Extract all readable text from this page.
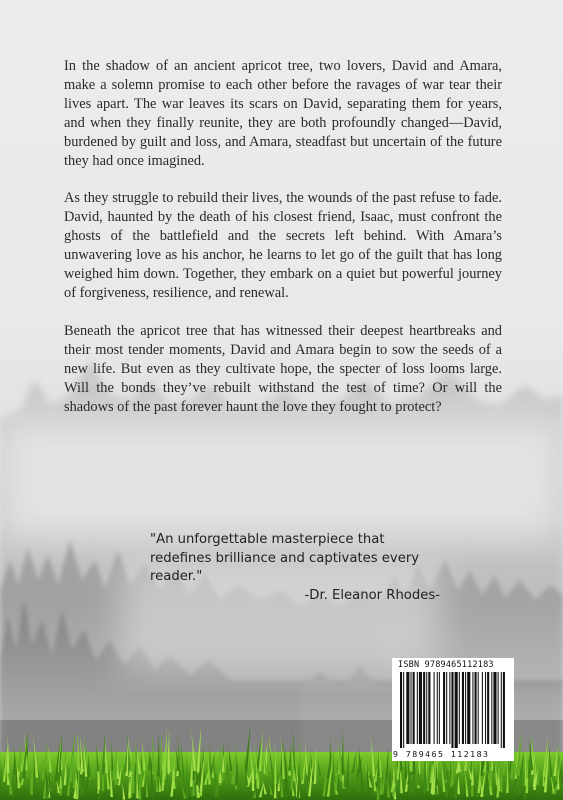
In the shadow of an ancient apricot tree, two lovers, David and Amara, make a solemn promise to each other before the ravages of war tear their lives apart. The war leaves its scars on David, separating them for years, and when they finally reunite, they are both profoundly changed—David, burdened by guilt and loss, and Amara, steadfast but uncertain of the future they had once imagined.

As they struggle to rebuild their lives, the wounds of the past refuse to fade. David, haunted by the death of his closest friend, Isaac, must confront the ghosts of the battlefield and the secrets left behind. With Amara’s unwavering love as his anchor, he learns to let go of the guilt that has long weighed him down. Together, they embark on a quiet but powerful journey of forgiveness, resilience, and renewal.

Beneath the apricot tree that has witnessed their deepest heartbreaks and their most tender moments, David and Amara begin to sow the seeds of a new life. But even as they cultivate hope, the specter of loss looms large. Will the bonds they’ve rebuilt withstand the test of time? Or will the shadows of the past forever haunt the love they fought to protect?

"An unforgettable masterpiece that redefines brilliance and captivates every reader."

-Dr. Eleanor Rhodes-

ISBN 9789465112183
9 789465 112183
